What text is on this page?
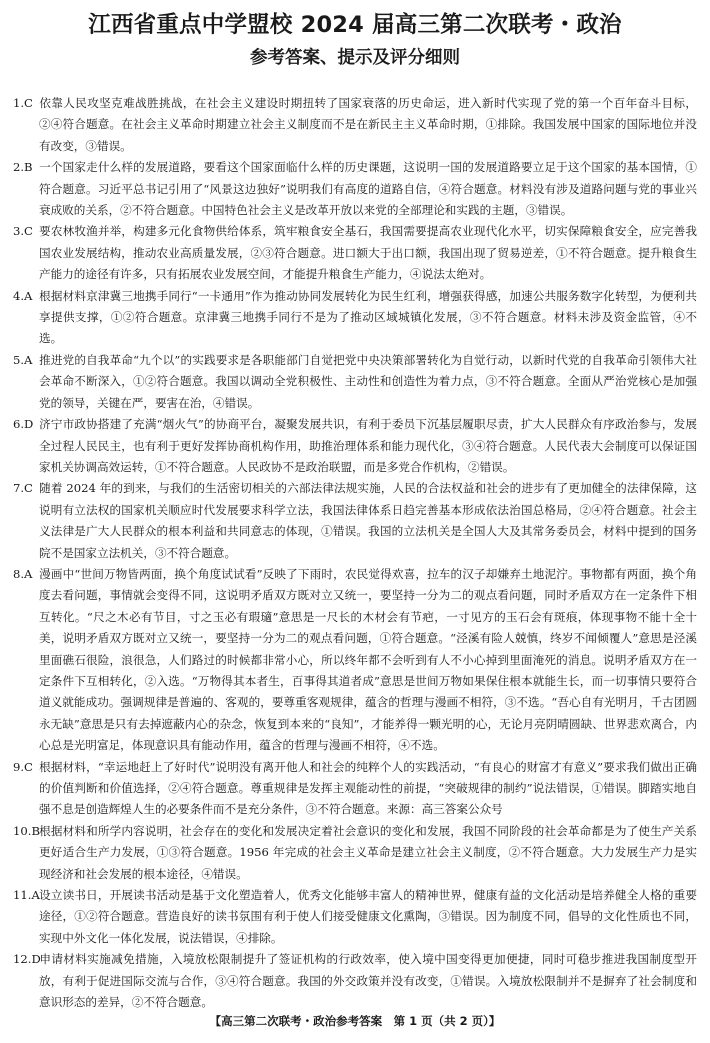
江西省重点中学盟校 2024 届高三第二次联考・政治
参考答案、提示及评分细则

1.C 依靠人民攻坚克难战胜挑战，在社会主义建设时期扭转了国家衰落的历史命运，进入新时代实现了党的第一个百年奋斗目标，②④符合题意。在社会主义革命时期建立社会主义制度而不是在新民主主义革命时期，①排除。我国发展中国家的国际地位并没有改变，③错误。

2.B 一个国家走什么样的发展道路，要看这个国家面临什么样的历史课题，这说明一国的发展道路要立足于这个国家的基本国情，①符合题意。习近平总书记引用了“风景这边独好”说明我们有高度的道路自信，④符合题意。材料没有涉及道路问题与党的事业兴衰成败的关系，②不符合题意。中国特色社会主义是改革开放以来党的全部理论和实践的主题，③错误。

3.C 要农林牧渔并举，构建多元化食物供给体系，筑牢粮食安全基石，我国需要提高农业现代化水平，切实保障粮食安全，应完善我国农业发展结构，推动农业高质量发展，②③符合题意。进口额大于出口额，我国出现了贸易逆差，①不符合题意。提升粮食生产能力的途径有许多，只有拓展农业发展空间，才能提升粮食生产能力，④说法太绝对。

4.A 根据材料京津冀三地携手同行“一卡通用”作为推动协同发展转化为民生红利，增强获得感，加速公共服务数字化转型，为便利共享提供支撑，①②符合题意。京津冀三地携手同行不是为了推动区域城镇化发展，③不符合题意。材料未涉及资金监管，④不选。

5.A 推进党的自我革命“九个以”的实践要求是各职能部门自觉把党中央决策部署转化为自觉行动，以新时代党的自我革命引领伟大社会革命不断深入，①②符合题意。我国以调动全党积极性、主动性和创造性为着力点，③不符合题意。全面从严治党核心是加强党的领导，关键在严，要害在治，④错误。

6.D 济宁市政协搭建了充满“烟火气”的协商平台，凝聚发展共识，有利于委员下沉基层履职尽责，扩大人民群众有序政治参与，发展全过程人民民主，也有利于更好发挥协商机构作用，助推治理体系和能力现代化，③④符合题意。人民代表大会制度可以保证国家机关协调高效运转，①不符合题意。人民政协不是政治联盟，而是多党合作机构，②错误。

7.C 随着 2024 年的到来，与我们的生活密切相关的六部法律法规实施，人民的合法权益和社会的进步有了更加健全的法律保障，这说明有立法权的国家机关顺应时代发展要求科学立法，我国法律体系日趋完善基本形成依法治国总格局，②④符合题意。社会主义法律是广大人民群众的根本利益和共同意志的体现，①错误。我国的立法机关是全国人大及其常务委员会，材料中提到的国务院不是国家立法机关，③不符合题意。

8.A 漫画中“世间万物皆两面，换个角度试试看”反映了下雨时，农民觉得欢喜，拉车的汉子却嫌弃土地泥泞。事物都有两面，换个角度去看问题，事情就会变得不同，这说明矛盾双方既对立又统一，要坚持一分为二的观点看问题，同时矛盾双方在一定条件下相互转化。“尺之木必有节目，寸之玉必有瑕瓋”意思是一尺长的木材会有节疤，一寸见方的玉石会有斑痕，体现事物不能十全十美，说明矛盾双方既对立又统一，要坚持一分为二的观点看问题，①符合题意。“泾溪有险人兢慎，终岁不闻倾覆人”意思是泾溪里面礁石很险，浪很急，人们路过的时候都非常小心，所以终年都不会听到有人不小心掉到里面淹死的消息。说明矛盾双方在一定条件下互相转化，②入选。“万物得其本者生，百事得其道者成”意思是世间万物如果保住根本就能生长，而一切事情只要符合道义就能成功。强调规律是普遍的、客观的，要尊重客观规律，蕴含的哲理与漫画不相符，③不选。“吾心自有光明月，千古团圆永无缺”意思是只有去掉遮蔽内心的杂念，恢复到本来的“良知”，才能养得一颗光明的心，无论月亮阴晴圆缺、世界悲欢离合，内心总是光明富足，体现意识具有能动作用，蕴含的哲理与漫画不相符，④不选。

9.C 根据材料，“幸运地赶上了好时代”说明没有离开他人和社会的纯粹个人的实践活动，“有良心的财富才有意义”要求我们做出正确的价值判断和价值选择，②④符合题意。尊重规律是发挥主观能动性的前提，“突破规律的制约”说法错误，①错误。脚踏实地自强不息是创造辉煌人生的必要条件而不是充分条件，③不符合题意。来源：高三答案公众号

10.B根据材料和所学内容说明，社会存在的变化和发展决定着社会意识的变化和发展，我国不同阶段的社会革命都是为了使生产关系更好适合生产力发展，①③符合题意。1956 年完成的社会主义革命是建立社会主义制度，②不符合题意。大力发展生产力是实现经济和社会发展的根本途径，④错误。

11.A设立读书日，开展读书活动是基于文化塑造着人，优秀文化能够丰富人的精神世界，健康有益的文化活动是培养健全人格的重要途径，①②符合题意。营造良好的读书氛围有利于使人们接受健康文化熏陶，③错误。因为制度不同，倡导的文化性质也不同，实现中外文化一体化发展，说法错误，④排除。

12.D申请材料实施减免措施，入境放松限制提升了签证机构的行政效率，使入境中国变得更加便捷，同时可稳步推进我国制度型开放，有利于促进国际交流与合作，③④符合题意。我国的外交政策并没有改变，①错误。入境放松限制并不是摒弃了社会制度和意识形态的差异，②不符合题意。

【高三第二次联考・政治参考答案　第 1 页（共 2 页）】
